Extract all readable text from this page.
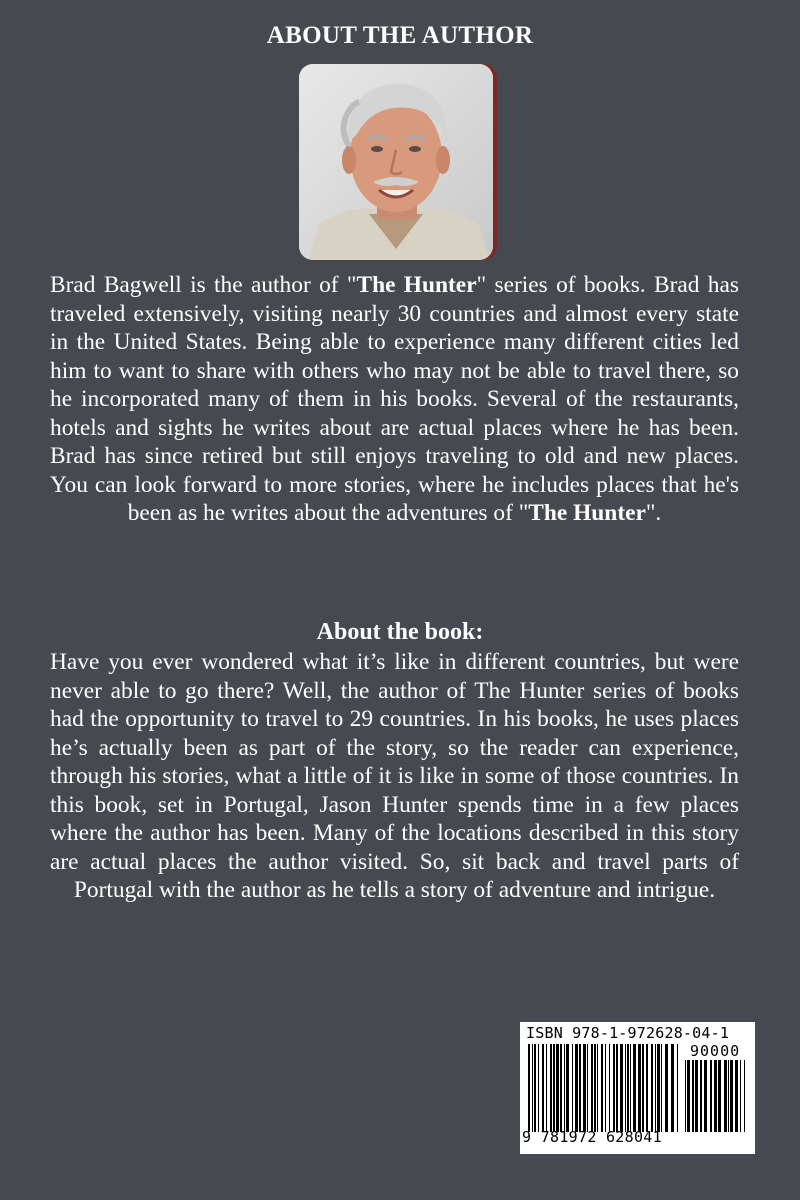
ABOUT THE AUTHOR

Brad Bagwell is the author of "The Hunter" series of books. Brad has traveled extensively, visiting nearly 30 countries and almost every state in the United States. Being able to experience many different cities led him to want to share with others who may not be able to travel there, so he incorporated many of them in his books. Several of the restaurants, hotels and sights he writes about are actual places where he has been. Brad has since retired but still enjoys traveling to old and new places. You can look forward to more stories, where he includes places that he's been as he writes about the adventures of "The Hunter".

About the book:

Have you ever wondered what it’s like in different countries, but were never able to go there? Well, the author of The Hunter series of books had the opportunity to travel to 29 countries. In his books, he uses places he’s actually been as part of the story, so the reader can experience, through his stories, what a little of it is like in some of those countries. In this book, set in Portugal, Jason Hunter spends time in a few places where the author has been. Many of the locations described in this story are actual places the author visited. So, sit back and travel parts of Portugal with the author as he tells a story of adventure and intrigue.

ISBN 978-1-972628-04-1
90000
9 781972 628041
